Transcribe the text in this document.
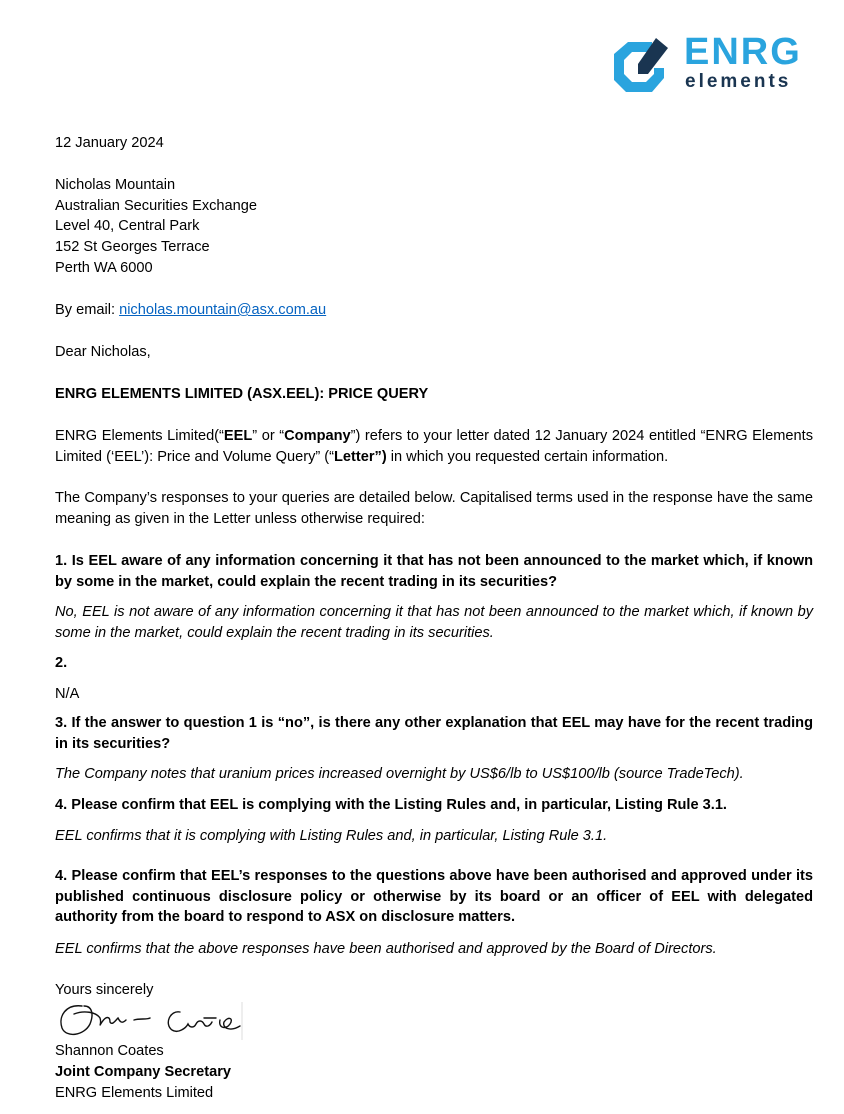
ENRG
elements
12 January 2024
Nicholas Mountain
Australian Securities Exchange
Level 40, Central Park
152 St Georges Terrace
Perth WA 6000
By email: nicholas.mountain@asx.com.au
Dear Nicholas,
ENRG ELEMENTS LIMITED (ASX.EEL): PRICE QUERY
ENRG Elements Limited(“EEL” or “Company”) refers to your letter dated 12 January 2024 entitled “ENRG Elements Limited (‘EEL’): Price and Volume Query” (“Letter”) in which you requested certain information.
The Company’s responses to your queries are detailed below. Capitalised terms used in the response have the same meaning as given in the Letter unless otherwise required:
1. Is EEL aware of any information concerning it that has not been announced to the market which, if known by some in the market, could explain the recent trading in its securities?
No, EEL is not aware of any information concerning it that has not been announced to the market which, if known by some in the market, could explain the recent trading in its securities.
2.
N/A
3. If the answer to question 1 is “no”, is there any other explanation that EEL may have for the recent trading in its securities?
The Company notes that uranium prices increased overnight by US$6/lb to US$100/lb (source TradeTech).
4. Please confirm that EEL is complying with the Listing Rules and, in particular, Listing Rule 3.1.
EEL confirms that it is complying with Listing Rules and, in particular, Listing Rule 3.1.
4. Please confirm that EEL’s responses to the questions above have been authorised and approved under its published continuous disclosure policy or otherwise by its board or an officer of EEL with delegated authority from the board to respond to ASX on disclosure matters.
EEL confirms that the above responses have been authorised and approved by the Board of Directors.
Yours sincerely
Shannon Coates
Joint Company Secretary
ENRG Elements Limited
